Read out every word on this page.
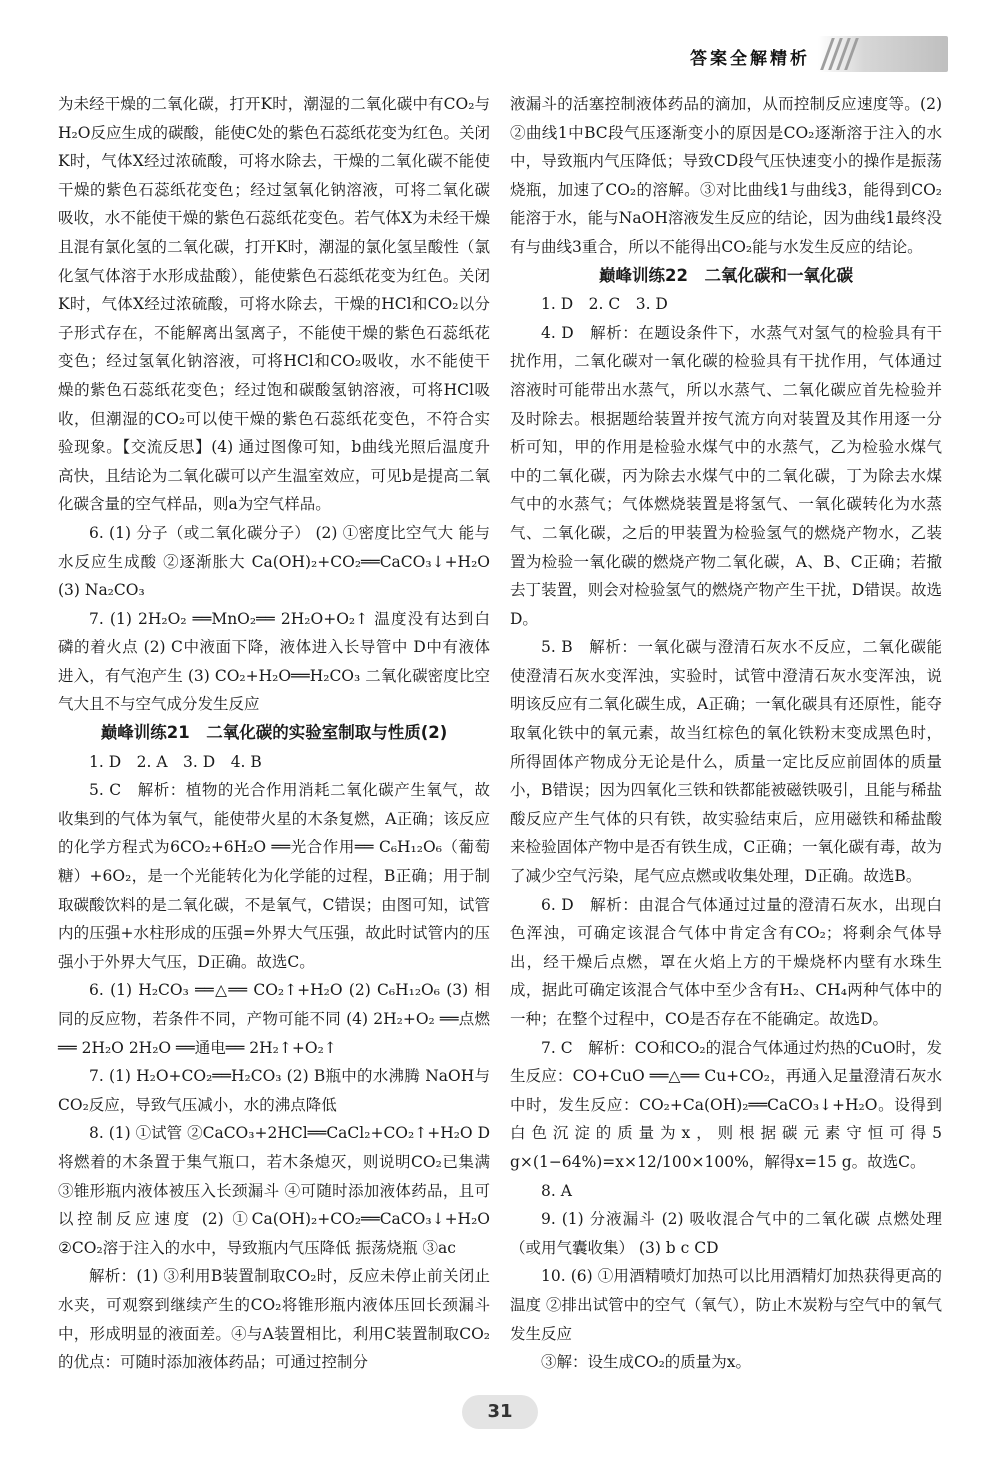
答案全解精析

为未经干燥的二氧化碳，打开K时，潮湿的二氧化碳中有CO₂与H₂O反应生成的碳酸，能使C处的紫色石蕊纸花变为红色。关闭K时，气体X经过浓硫酸，可将水除去，干燥的二氧化碳不能使干燥的紫色石蕊纸花变色；经过氢氧化钠溶液，可将二氧化碳吸收，水不能使干燥的紫色石蕊纸花变色。若气体X为未经干燥且混有氯化氢的二氧化碳，打开K时，潮湿的氯化氢呈酸性（氯化氢气体溶于水形成盐酸），能使紫色石蕊纸花变为红色。关闭K时，气体X经过浓硫酸，可将水除去，干燥的HCl和CO₂以分子形式存在，不能解离出氢离子，不能使干燥的紫色石蕊纸花变色；经过氢氧化钠溶液，可将HCl和CO₂吸收，水不能使干燥的紫色石蕊纸花变色；经过饱和碳酸氢钠溶液，可将HCl吸收，但潮湿的CO₂可以使干燥的紫色石蕊纸花变色，不符合实验现象。【交流反思】(4) 通过图像可知，b曲线光照后温度升高快，且结论为二氧化碳可以产生温室效应，可见b是提高二氧化碳含量的空气样品，则a为空气样品。

6. (1) 分子（或二氧化碳分子） (2) ①密度比空气大 能与水反应生成酸 ②逐渐胀大 Ca(OH)₂+CO₂══CaCO₃↓+H₂O (3) Na₂CO₃

7. (1) 2H₂O₂ ══MnO₂══ 2H₂O+O₂↑ 温度没有达到白磷的着火点 (2) C中液面下降，液体进入长导管中 D中有液体进入，有气泡产生 (3) CO₂+H₂O══H₂CO₃ 二氧化碳密度比空气大且不与空气成分发生反应

巅峰训练21　二氧化碳的实验室制取与性质(2)

1. D　2. A　3. D　4. B

5. C　解析：植物的光合作用消耗二氧化碳产生氧气，故收集到的气体为氧气，能使带火星的木条复燃，A正确；该反应的化学方程式为6CO₂+6H₂O ══光合作用══ C₆H₁₂O₆（葡萄糖）+6O₂，是一个光能转化为化学能的过程，B正确；用于制取碳酸饮料的是二氧化碳，不是氧气，C错误；由图可知，试管内的压强+水柱形成的压强=外界大气压强，故此时试管内的压强小于外界大气压，D正确。故选C。

6. (1) H₂CO₃ ══△══ CO₂↑+H₂O (2) C₆H₁₂O₆ (3) 相同的反应物，若条件不同，产物可能不同 (4) 2H₂+O₂ ══点燃══ 2H₂O 2H₂O ══通电══ 2H₂↑+O₂↑

7. (1) H₂O+CO₂══H₂CO₃ (2) B瓶中的水沸腾 NaOH与CO₂反应，导致气压减小，水的沸点降低

8. (1) ①试管 ②CaCO₃+2HCl══CaCl₂+CO₂↑+H₂O D 将燃着的木条置于集气瓶口，若木条熄灭，则说明CO₂已集满 ③锥形瓶内液体被压入长颈漏斗 ④可随时添加液体药品，且可以控制反应速度 (2) ①Ca(OH)₂+CO₂══CaCO₃↓+H₂O ②CO₂溶于注入的水中，导致瓶内气压降低 振荡烧瓶 ③ac

解析：(1) ③利用B装置制取CO₂时，反应未停止前关闭止水夹，可观察到继续产生的CO₂将锥形瓶内液体压回长颈漏斗中，形成明显的液面差。④与A装置相比，利用C装置制取CO₂的优点：可随时添加液体药品；可通过控制分

液漏斗的活塞控制液体药品的滴加，从而控制反应速度等。(2) ②曲线1中BC段气压逐渐变小的原因是CO₂逐渐溶于注入的水中，导致瓶内气压降低；导致CD段气压快速变小的操作是振荡烧瓶，加速了CO₂的溶解。③对比曲线1与曲线3，能得到CO₂能溶于水，能与NaOH溶液发生反应的结论，因为曲线1最终没有与曲线3重合，所以不能得出CO₂能与水发生反应的结论。

巅峰训练22　二氧化碳和一氧化碳

1. D　2. C　3. D

4. D　解析：在题设条件下，水蒸气对氢气的检验具有干扰作用，二氧化碳对一氧化碳的检验具有干扰作用，气体通过溶液时可能带出水蒸气，所以水蒸气、二氧化碳应首先检验并及时除去。根据题给装置并按气流方向对装置及其作用逐一分析可知，甲的作用是检验水煤气中的水蒸气，乙为检验水煤气中的二氧化碳，丙为除去水煤气中的二氧化碳，丁为除去水煤气中的水蒸气；气体燃烧装置是将氢气、一氧化碳转化为水蒸气、二氧化碳，之后的甲装置为检验氢气的燃烧产物水，乙装置为检验一氧化碳的燃烧产物二氧化碳，A、B、C正确；若撤去丁装置，则会对检验氢气的燃烧产物产生干扰，D错误。故选D。

5. B　解析：一氧化碳与澄清石灰水不反应，二氧化碳能使澄清石灰水变浑浊，实验时，试管中澄清石灰水变浑浊，说明该反应有二氧化碳生成，A正确；一氧化碳具有还原性，能夺取氧化铁中的氧元素，故当红棕色的氧化铁粉末变成黑色时，所得固体产物成分无论是什么，质量一定比反应前固体的质量小，B错误；因为四氧化三铁和铁都能被磁铁吸引，且能与稀盐酸反应产生气体的只有铁，故实验结束后，应用磁铁和稀盐酸来检验固体产物中是否有铁生成，C正确；一氧化碳有毒，故为了减少空气污染，尾气应点燃或收集处理，D正确。故选B。

6. D　解析：由混合气体通过过量的澄清石灰水，出现白色浑浊，可确定该混合气体中肯定含有CO₂；将剩余气体导出，经干燥后点燃，罩在火焰上方的干燥烧杯内壁有水珠生成，据此可确定该混合气体中至少含有H₂、CH₄两种气体中的一种；在整个过程中，CO是否存在不能确定。故选D。

7. C　解析：CO和CO₂的混合气体通过灼热的CuO时，发生反应：CO+CuO ══△══ Cu+CO₂，再通入足量澄清石灰水中时，发生反应：CO₂+Ca(OH)₂══CaCO₃↓+H₂O。设得到白色沉淀的质量为x，则根据碳元素守恒可得5 g×(1−64%)=x×12/100×100%，解得x=15 g。故选C。

8. A

9. (1) 分液漏斗 (2) 吸收混合气中的二氧化碳 点燃处理（或用气囊收集） (3) b c CD

10. (6) ①用酒精喷灯加热可以比用酒精灯加热获得更高的温度 ②排出试管中的空气（氧气），防止木炭粉与空气中的氧气发生反应

③解：设生成CO₂的质量为x。

31
